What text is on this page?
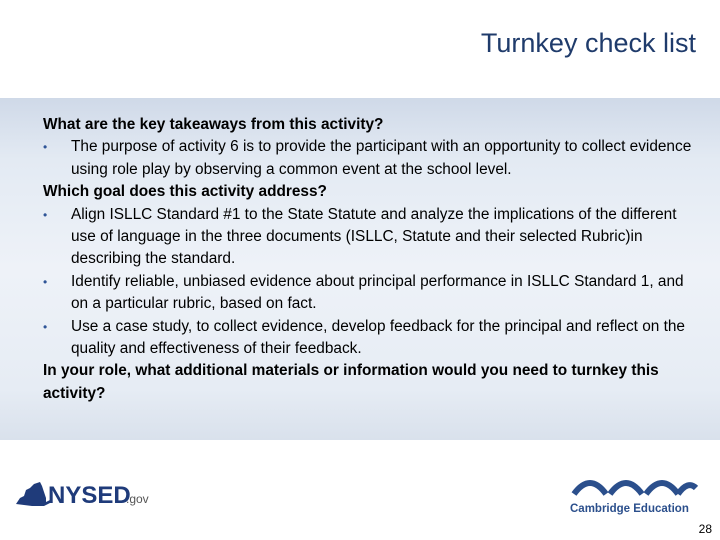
Turnkey check list
What are the key takeaways from this activity?
•	The purpose of activity 6 is to provide the participant with an opportunity to collect evidence using role play by observing a common event at the school level.
Which goal does this activity address?
•	Align ISLLC Standard #1 to the State Statute and analyze the implications of the different use of language in the three documents (ISLLC, Statute and their selected Rubric)in describing the standard.
•	Identify reliable, unbiased evidence about principal performance in ISLLC Standard 1, and on a particular rubric, based on fact.
•	Use a case study, to collect evidence, develop feedback for the principal and reflect on the quality and effectiveness of their feedback.
In your role, what additional materials or information would you need to turnkey this activity?
NYSED
.gov
Cambridge Education
28
